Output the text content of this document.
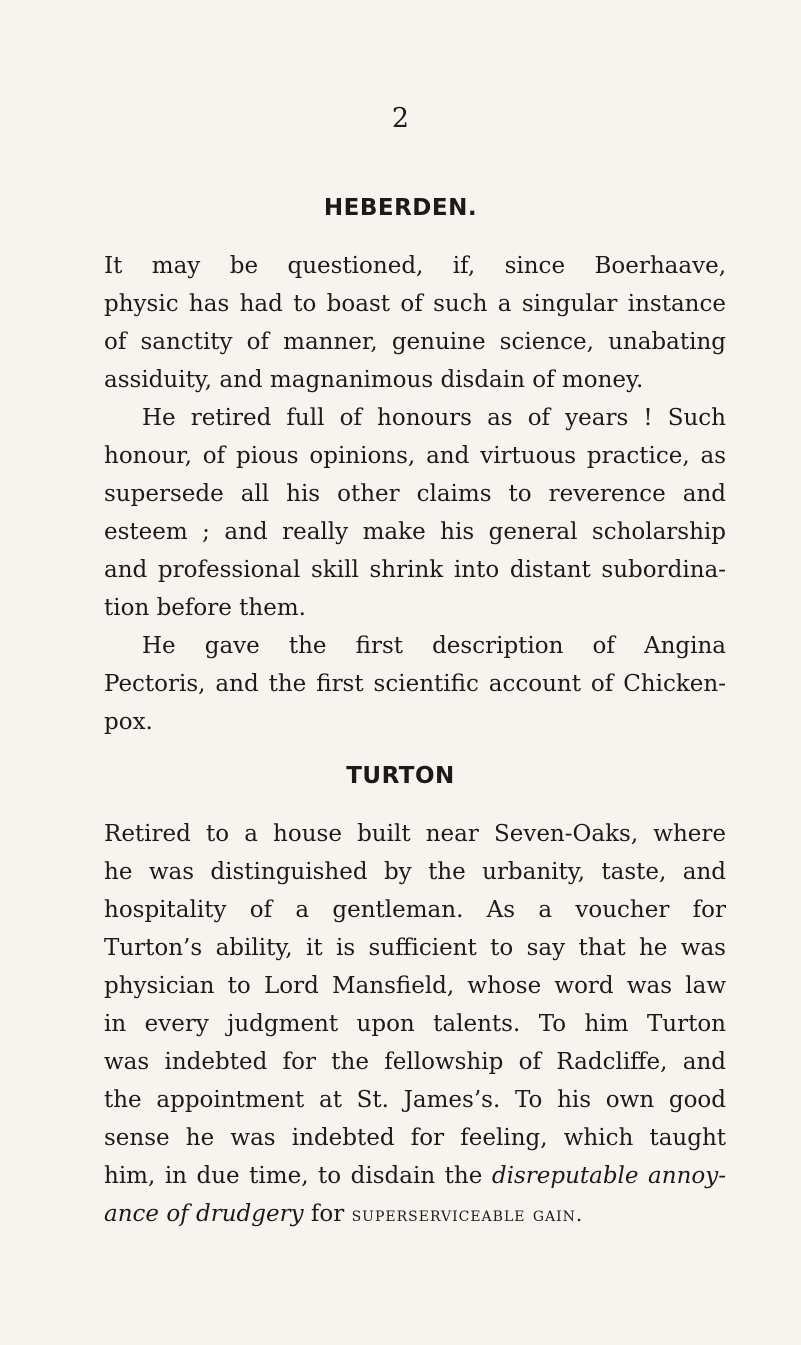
2
HEBERDEN.
It may be questioned, if, since Boerhaave,
physic has had to boast of such a singular instance
of sanctity of manner, genuine science, unabating
assiduity, and magnanimous disdain of money.
He retired full of honours as of years ! Such
honour, of pious opinions, and virtuous practice, as
supersede all his other claims to reverence and
esteem ; and really make his general scholarship
and professional skill shrink into distant subordina-
tion before them.
He gave the first description of Angina
Pectoris, and the first scientific account of Chicken-
pox.
TURTON
Retired to a house built near Seven-Oaks, where
he was distinguished by the urbanity, taste, and
hospitality of a gentleman. As a voucher for
Turton’s ability, it is sufficient to say that he was
physician to Lord Mansfield, whose word was law
in every judgment upon talents. To him Turton
was indebted for the fellowship of Radcliffe, and
the appointment at St. James’s. To his own good
sense he was indebted for feeling, which taught
him, in due time, to disdain the disreputable annoy-
ance of drudgery for superserviceable gain.
